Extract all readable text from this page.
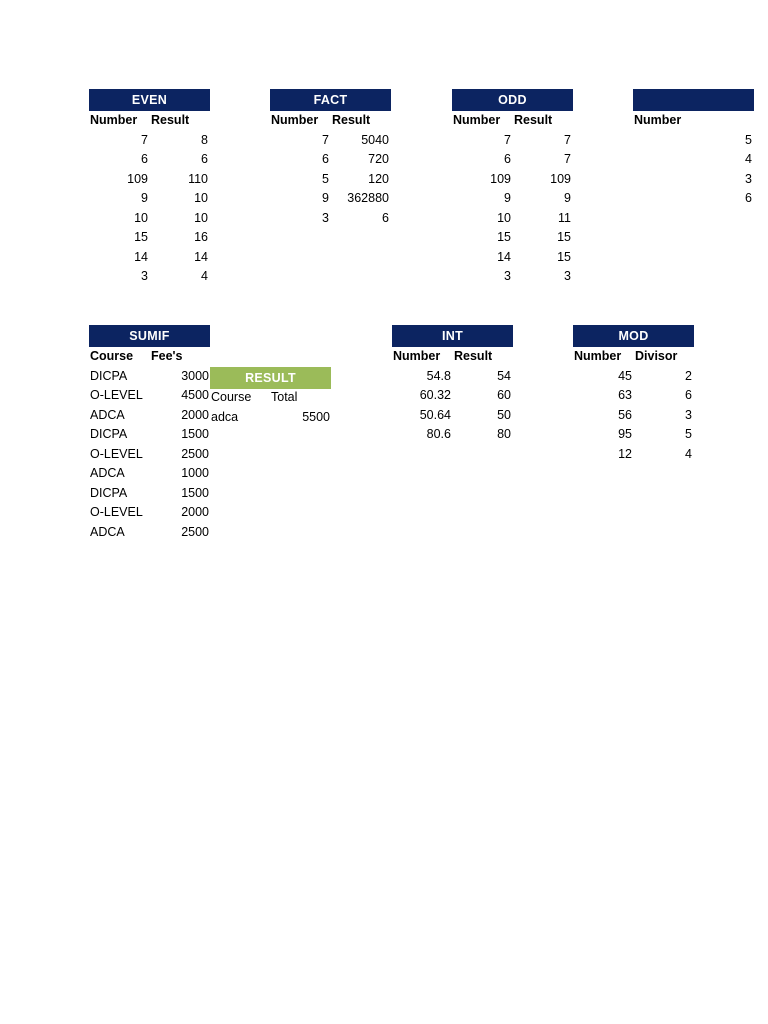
EVEN
Number	Result
7	8
6	6
109	110
9	10
10	10
15	16
14	14
3	4
FACT
Number	Result
7	5040
6	720
5	120
9	362880
3	6
ODD
Number	Result
7	7
6	7
109	109
9	9
10	11
15	15
14	15
3	3
Number
5
4
3
6
SUMIF
Course	Fee's
DICPA	3000
O-LEVEL	4500
ADCA	2000
DICPA	1500
O-LEVEL	2500
ADCA	1000
DICPA	1500
O-LEVEL	2000
ADCA	2500
RESULT
Course	Total
adca	5500
INT
Number	Result
54.8	54
60.32	60
50.64	50
80.6	80
MOD
Number	Divisor
45	2
63	6
56	3
95	5
12	4
